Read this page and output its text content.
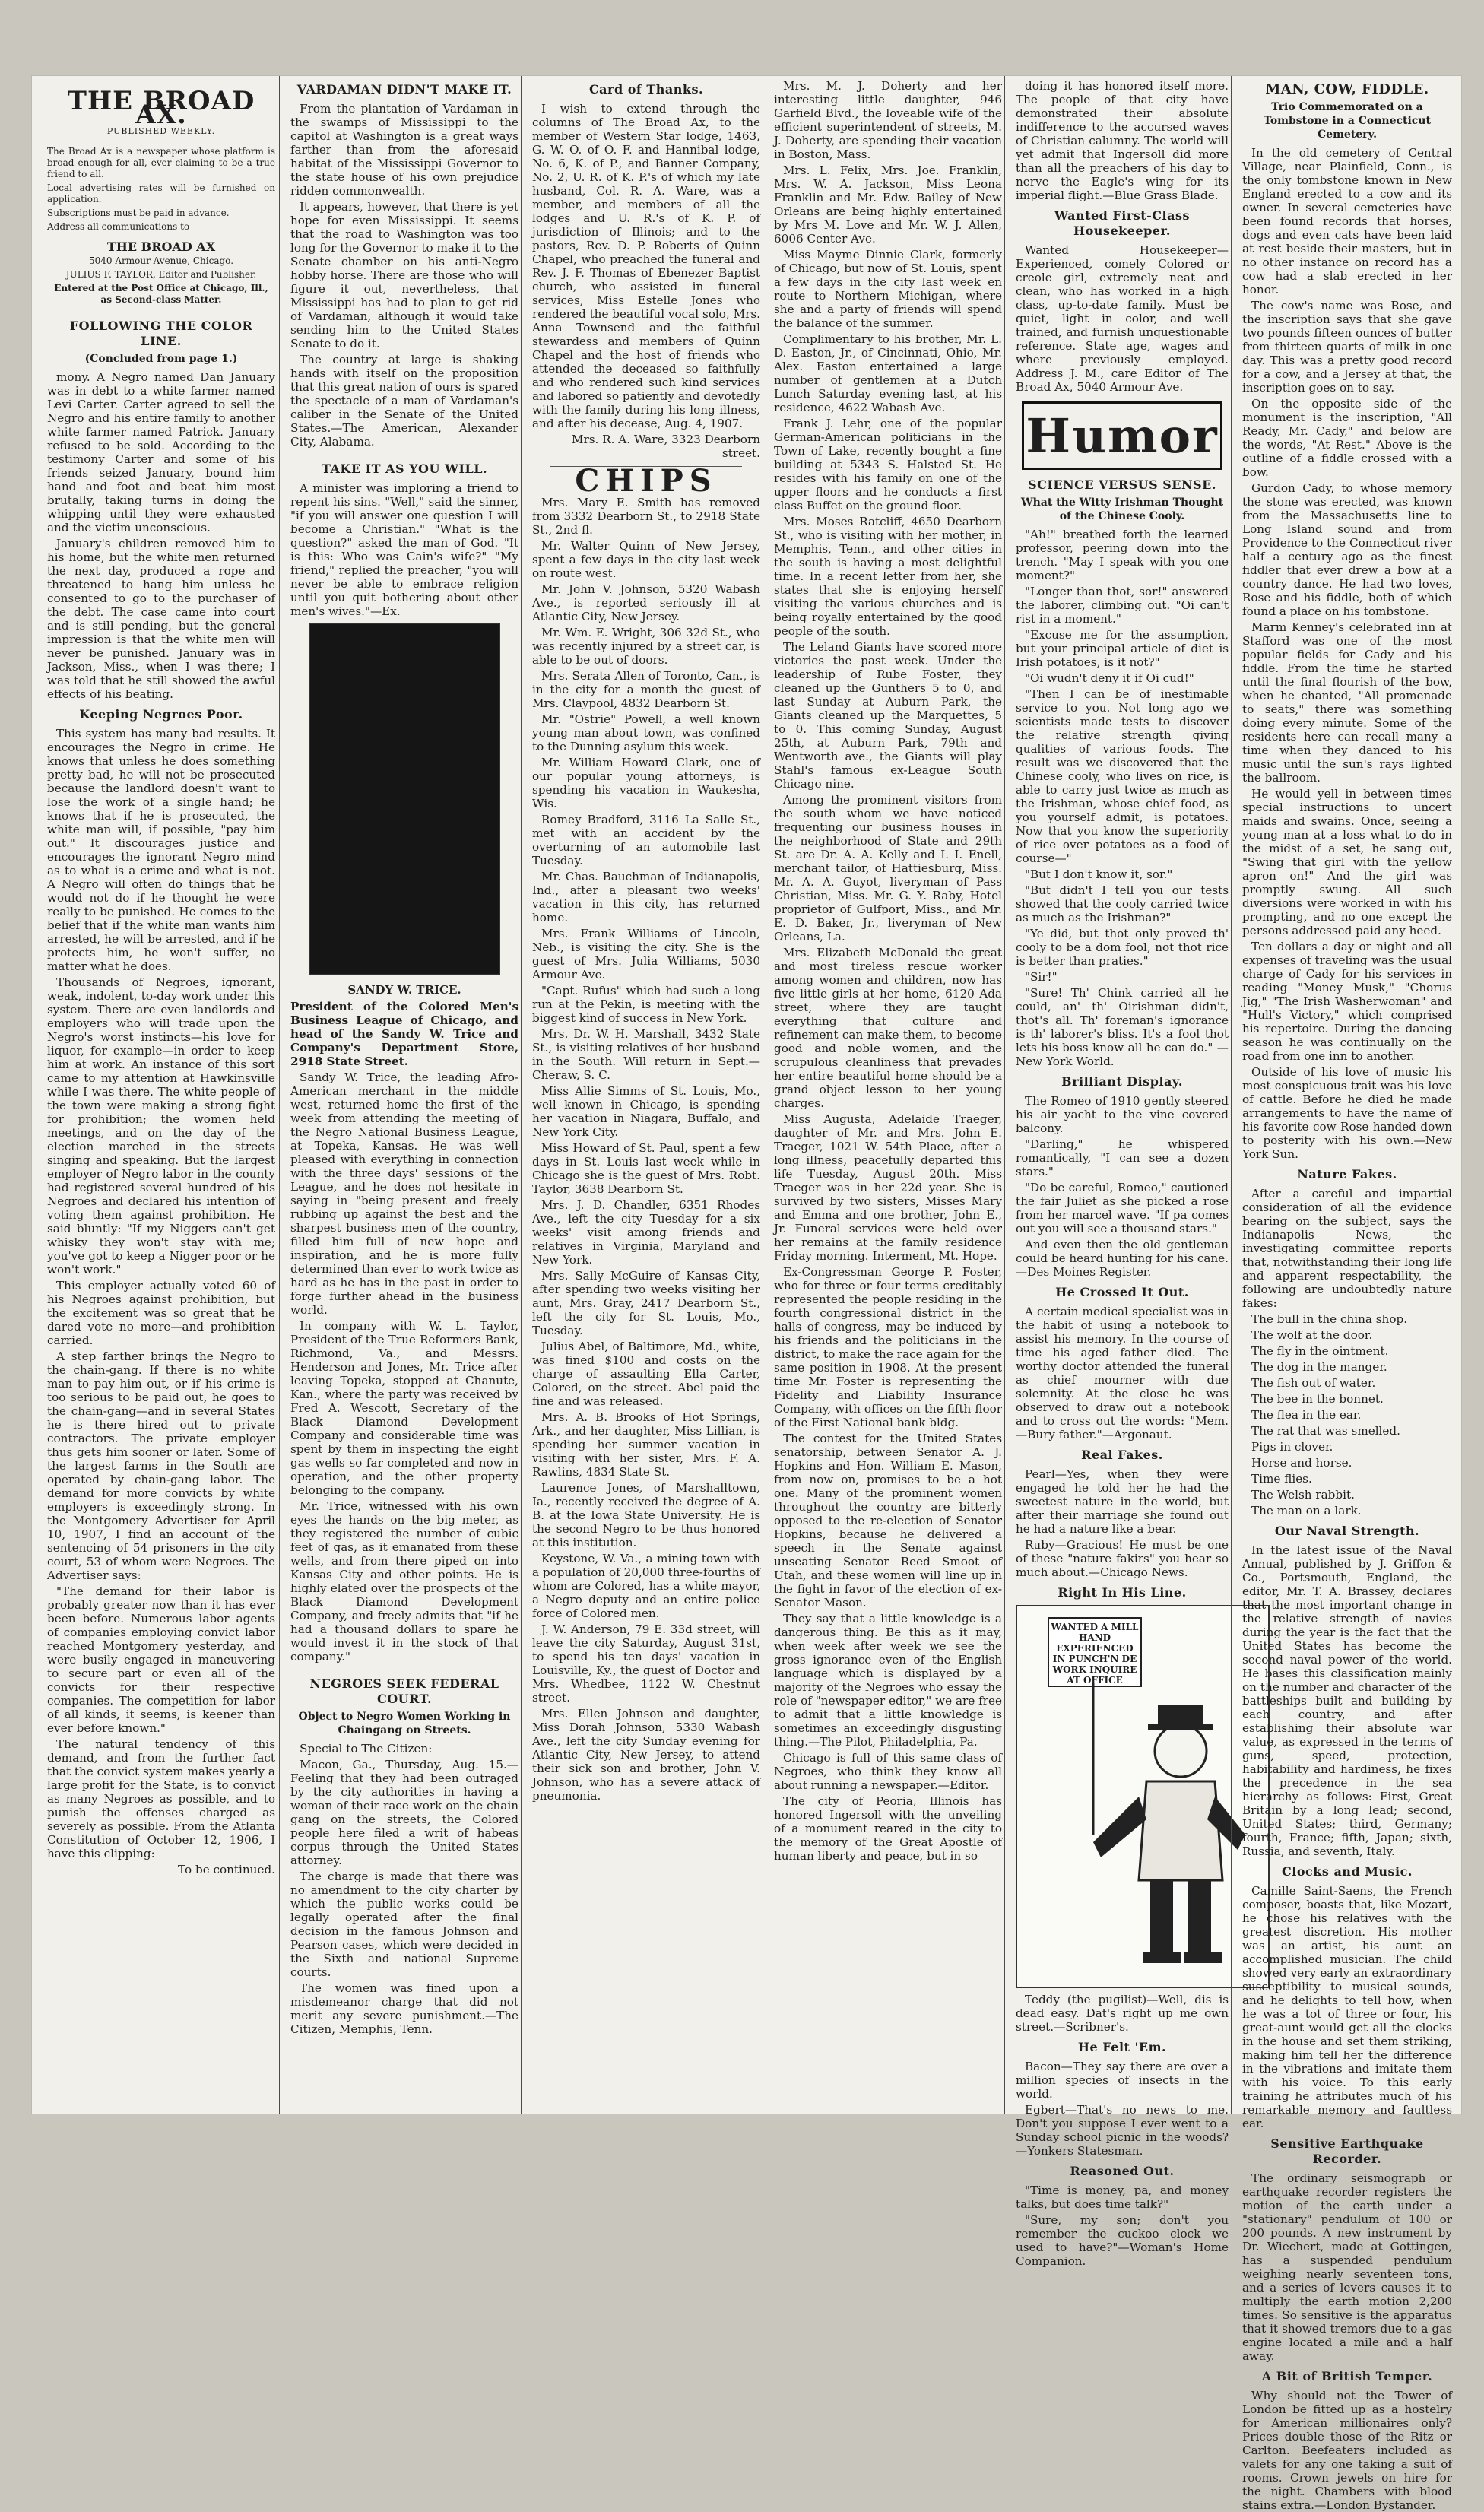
THE BROAD AX.
PUBLISHED WEEKLY.

The Broad Ax is a newspaper whose platform is broad enough for all, ever claiming to be a true friend to all.

Local advertising rates will be furnished on application.

Subscriptions must be paid in advance.

Address all communications to

THE BROAD AX

5040 Armour Avenue, Chicago.

JULIUS F. TAYLOR, Editor and Publisher.

Entered at the Post Office at Chicago, Ill., as Second-class Matter.

FOLLOWING THE COLOR LINE.
(Concluded from page 1.)

mony. A Negro named Dan January was in debt to a white farmer named Levi Carter. Carter agreed to sell the Negro and his entire family to another white farmer named Patrick. January refused to be sold. According to the testimony Carter and some of his friends seized January, bound him hand and foot and beat him most brutally, taking turns in doing the whipping until they were exhausted and the victim unconscious.

January's children removed him to his home, but the white men returned the next day, produced a rope and threatened to hang him unless he consented to go to the purchaser of the debt. The case came into court and is still pending, but the general impression is that the white men will never be punished. January was in Jackson, Miss., when I was there; I was told that he still showed the awful effects of his beating.

Keeping Negroes Poor.

This system has many bad results. It encourages the Negro in crime. He knows that unless he does something pretty bad, he will not be prosecuted because the landlord doesn't want to lose the work of a single hand; he knows that if he is prosecuted, the white man will, if possible, "pay him out." It discourages justice and encourages the ignorant Negro mind as to what is a crime and what is not. A Negro will often do things that he would not do if he thought he were really to be punished. He comes to the belief that if the white man wants him arrested, he will be arrested, and if he protects him, he won't suffer, no matter what he does.

Thousands of Negroes, ignorant, weak, indolent, to-day work under this system. There are even landlords and employers who will trade upon the Negro's worst instincts—his love for liquor, for example—in order to keep him at work. An instance of this sort came to my attention at Hawkinsville while I was there. The white people of the town were making a strong fight for prohibition; the women held meetings, and on the day of the election marched in the streets singing and speaking. But the largest employer of Negro labor in the county had registered several hundred of his Negroes and declared his intention of voting them against prohibition. He said bluntly: "If my Niggers can't get whisky they won't stay with me; you've got to keep a Nigger poor or he won't work."

This employer actually voted 60 of his Negroes against prohibition, but the excitement was so great that he dared vote no more—and prohibition carried.

A step farther brings the Negro to the chain-gang. If there is no white man to pay him out, or if his crime is too serious to be paid out, he goes to the chain-gang—and in several States he is there hired out to private contractors. The private employer thus gets him sooner or later. Some of the largest farms in the South are operated by chain-gang labor. The demand for more convicts by white employers is exceedingly strong. In the Montgomery Advertiser for April 10, 1907, I find an account of the sentencing of 54 prisoners in the city court, 53 of whom were Negroes. The Advertiser says:

"The demand for their labor is probably greater now than it has ever been before. Numerous labor agents of companies employing convict labor reached Montgomery yesterday, and were busily engaged in maneuvering to secure part or even all of the convicts for their respective companies. The competition for labor of all kinds, it seems, is keener than ever before known."

The natural tendency of this demand, and from the further fact that the convict system makes yearly a large profit for the State, is to convict as many Negroes as possible, and to punish the offenses charged as severely as possible. From the Atlanta Constitution of October 12, 1906, I have this clipping:

To be continued.

VARDAMAN DIDN'T MAKE IT.

From the plantation of Vardaman in the swamps of Mississippi to the capitol at Washington is a great ways farther than from the aforesaid habitat of the Mississippi Governor to the state house of his own prejudice ridden commonwealth.

It appears, however, that there is yet hope for even Mississippi. It seems that the road to Washington was too long for the Governor to make it to the Senate chamber on his anti-Negro hobby horse. There are those who will figure it out, nevertheless, that Mississippi has had to plan to get rid of Vardaman, although it would take sending him to the United States Senate to do it.

The country at large is shaking hands with itself on the proposition that this great nation of ours is spared the spectacle of a man of Vardaman's caliber in the Senate of the United States.—The American, Alexander City, Alabama.

TAKE IT AS YOU WILL.

A minister was imploring a friend to repent his sins. "Well," said the sinner, "if you will answer one question I will become a Christian." "What is the question?" asked the man of God. "It is this: Who was Cain's wife?" "My friend," replied the preacher, "you will never be able to embrace religion until you quit bothering about other men's wives."—Ex.

SANDY W. TRICE.

President of the Colored Men's Business League of Chicago, and head of the Sandy W. Trice and Company's Department Store, 2918 State Street.

Sandy W. Trice, the leading Afro-American merchant in the middle west, returned home the first of the week from attending the meeting of the Negro National Business League, at Topeka, Kansas. He was well pleased with everything in connection with the three days' sessions of the League, and he does not hesitate in saying in "being present and freely rubbing up against the best and the sharpest business men of the country, filled him full of new hope and inspiration, and he is more fully determined than ever to work twice as hard as he has in the past in order to forge further ahead in the business world.

In company with W. L. Taylor, President of the True Reformers Bank, Richmond, Va., and Messrs. Henderson and Jones, Mr. Trice after leaving Topeka, stopped at Chanute, Kan., where the party was received by Fred A. Wescott, Secretary of the Black Diamond Development Company and considerable time was spent by them in inspecting the eight gas wells so far completed and now in operation, and the other property belonging to the company.

Mr. Trice, witnessed with his own eyes the hands on the big meter, as they registered the number of cubic feet of gas, as it emanated from these wells, and from there piped on into Kansas City and other points. He is highly elated over the prospects of the Black Diamond Development Company, and freely admits that "if he had a thousand dollars to spare he would invest it in the stock of that company."

NEGROES SEEK FEDERAL COURT.
Object to Negro Women Working in Chaingang on Streets.

Special to The Citizen:

Macon, Ga., Thursday, Aug. 15.—Feeling that they had been outraged by the city authorities in having a woman of their race work on the chain gang on the streets, the Colored people here filed a writ of habeas corpus through the United States attorney.

The charge is made that there was no amendment to the city charter by which the public works could be legally operated after the final decision in the famous Johnson and Pearson cases, which were decided in the Sixth and national Supreme courts.

The women was fined upon a misdemeanor charge that did not merit any severe punishment.—The Citizen, Memphis, Tenn.

Card of Thanks.

I wish to extend through the columns of The Broad Ax, to the member of Western Star lodge, 1463, G. W. O. of O. F. and Hannibal lodge, No. 6, K. of P., and Banner Company, No. 2, U. R. of K. P.'s of which my late husband, Col. R. A. Ware, was a member, and members of all the lodges and U. R.'s of K. P. of jurisdiction of Illinois; and to the pastors, Rev. D. P. Roberts of Quinn Chapel, who preached the funeral and Rev. J. F. Thomas of Ebenezer Baptist church, who assisted in funeral services, Miss Estelle Jones who rendered the beautiful vocal solo, Mrs. Anna Townsend and the faithful stewardess and members of Quinn Chapel and the host of friends who attended the deceased so faithfully and who rendered such kind services and labored so patiently and devotedly with the family during his long illness, and after his decease, Aug. 4, 1907.

Mrs. R. A. Ware, 3323 Dearborn street.

CHIPS

Mrs. Mary E. Smith has removed from 3332 Dearborn St., to 2918 State St., 2nd fl.

Mr. Walter Quinn of New Jersey, spent a few days in the city last week on route west.

Mr. John V. Johnson, 5320 Wabash Ave., is reported seriously ill at Atlantic City, New Jersey.

Mr. Wm. E. Wright, 306 32d St., who was recently injured by a street car, is able to be out of doors.

Mrs. Serata Allen of Toronto, Can., is in the city for a month the guest of Mrs. Claypool, 4832 Dearborn St.

Mr. "Ostrie" Powell, a well known young man about town, was confined to the Dunning asylum this week.

Mr. William Howard Clark, one of our popular young attorneys, is spending his vacation in Waukesha, Wis.

Romey Bradford, 3116 La Salle St., met with an accident by the overturning of an automobile last Tuesday.

Mr. Chas. Bauchman of Indianapolis, Ind., after a pleasant two weeks' vacation in this city, has returned home.

Mrs. Frank Williams of Lincoln, Neb., is visiting the city. She is the guest of Mrs. Julia Williams, 5030 Armour Ave.

"Capt. Rufus" which had such a long run at the Pekin, is meeting with the biggest kind of success in New York.

Mrs. Dr. W. H. Marshall, 3432 State St., is visiting relatives of her husband in the South. Will return in Sept.—Cheraw, S. C.

Miss Allie Simms of St. Louis, Mo., well known in Chicago, is spending her vacation in Niagara, Buffalo, and New York City.

Miss Howard of St. Paul, spent a few days in St. Louis last week while in Chicago she is the guest of Mrs. Robt. Taylor, 3638 Dearborn St.

Mrs. J. D. Chandler, 6351 Rhodes Ave., left the city Tuesday for a six weeks' visit among friends and relatives in Virginia, Maryland and New York.

Mrs. Sally McGuire of Kansas City, after spending two weeks visiting her aunt, Mrs. Gray, 2417 Dearborn St., left the city for St. Louis, Mo., Tuesday.

Julius Abel, of Baltimore, Md., white, was fined $100 and costs on the charge of assaulting Ella Carter, Colored, on the street. Abel paid the fine and was released.

Mrs. A. B. Brooks of Hot Springs, Ark., and her daughter, Miss Lillian, is spending her summer vacation in visiting with her sister, Mrs. F. A. Rawlins, 4834 State St.

Laurence Jones, of Marshalltown, Ia., recently received the degree of A. B. at the Iowa State University. He is the second Negro to be thus honored at this institution.

Keystone, W. Va., a mining town with a population of 20,000 three-fourths of whom are Colored, has a white mayor, a Negro deputy and an entire police force of Colored men.

J. W. Anderson, 79 E. 33d street, will leave the city Saturday, August 31st, to spend his ten days' vacation in Louisville, Ky., the guest of Doctor and Mrs. Whedbee, 1122 W. Chestnut street.

Mrs. Ellen Johnson and daughter, Miss Dorah Johnson, 5330 Wabash Ave., left the city Sunday evening for Atlantic City, New Jersey, to attend their sick son and brother, John V. Johnson, who has a severe attack of pneumonia.

Mrs. M. J. Doherty and her interesting little daughter, 946 Garfield Blvd., the loveable wife of the efficient superintendent of streets, M. J. Doherty, are spending their vacation in Boston, Mass.

Mrs. L. Felix, Mrs. Joe. Franklin, Mrs. W. A. Jackson, Miss Leona Franklin and Mr. Edw. Bailey of New Orleans are being highly entertained by Mrs M. Love and Mr. W. J. Allen, 6006 Center Ave.

Miss Mayme Dinnie Clark, formerly of Chicago, but now of St. Louis, spent a few days in the city last week en route to Northern Michigan, where she and a party of friends will spend the balance of the summer.

Complimentary to his brother, Mr. L. D. Easton, Jr., of Cincinnati, Ohio, Mr. Alex. Easton entertained a large number of gentlemen at a Dutch Lunch Saturday evening last, at his residence, 4622 Wabash Ave.

Frank J. Lehr, one of the popular German-American politicians in the Town of Lake, recently bought a fine building at 5343 S. Halsted St. He resides with his family on one of the upper floors and he conducts a first class Buffet on the ground floor.

Mrs. Moses Ratcliff, 4650 Dearborn St., who is visiting with her mother, in Memphis, Tenn., and other cities in the south is having a most delightful time. In a recent letter from her, she states that she is enjoying herself visiting the various churches and is being royally entertained by the good people of the south.

The Leland Giants have scored more victories the past week. Under the leadership of Rube Foster, they cleaned up the Gunthers 5 to 0, and last Sunday at Auburn Park, the Giants cleaned up the Marquettes, 5 to 0. This coming Sunday, August 25th, at Auburn Park, 79th and Wentworth ave., the Giants will play Stahl's famous ex-League South Chicago nine.

Among the prominent visitors from the south whom we have noticed frequenting our business houses in the neighborhood of State and 29th St. are Dr. A. A. Kelly and I. I. Enell, merchant tailor, of Hattiesburg, Miss. Mr. A. A. Guyot, liveryman of Pass Christian, Miss. Mr. G. Y. Raby, Hotel proprietor of Gulfport, Miss., and Mr. E. D. Baker, Jr., liveryman of New Orleans, La.

Mrs. Elizabeth McDonald the great and most tireless rescue worker among women and children, now has five little girls at her home, 6120 Ada street, where they are taught everything that culture and refinement can make them, to become good and noble women, and the scrupulous cleanliness that prevades her entire beautiful home should be a grand object lesson to her young charges.

Miss Augusta, Adelaide Traeger, daughter of Mr. and Mrs. John E. Traeger, 1021 W. 54th Place, after a long illness, peacefully departed this life Tuesday, August 20th. Miss Traeger was in her 22d year. She is survived by two sisters, Misses Mary and Emma and one brother, John E., Jr. Funeral services were held over her remains at the family residence Friday morning. Interment, Mt. Hope.

Ex-Congressman George P. Foster, who for three or four terms creditably represented the people residing in the fourth congressional district in the halls of congress, may be induced by his friends and the politicians in the district, to make the race again for the same position in 1908. At the present time Mr. Foster is representing the Fidelity and Liability Insurance Company, with offices on the fifth floor of the First National bank bldg.

The contest for the United States senatorship, between Senator A. J. Hopkins and Hon. William E. Mason, from now on, promises to be a hot one. Many of the prominent women throughout the country are bitterly opposed to the re-election of Senator Hopkins, because he delivered a speech in the Senate against unseating Senator Reed Smoot of Utah, and these women will line up in the fight in favor of the election of ex-Senator Mason.

They say that a little knowledge is a dangerous thing. Be this as it may, when week after week we see the gross ignorance even of the English language which is displayed by a majority of the Negroes who essay the role of "newspaper editor," we are free to admit that a little knowledge is sometimes an exceedingly disgusting thing.—The Pilot, Philadelphia, Pa.

Chicago is full of this same class of Negroes, who think they know all about running a newspaper.—Editor.

The city of Peoria, Illinois has honored Ingersoll with the unveiling of a monument reared in the city to the memory of the Great Apostle of human liberty and peace, but in so

doing it has honored itself more. The people of that city have demonstrated their absolute indifference to the accursed waves of Christian calumny. The world will yet admit that Ingersoll did more than all the preachers of his day to nerve the Eagle's wing for its imperial flight.—Blue Grass Blade.

Wanted First-Class Housekeeper.

Wanted Housekeeper—Experienced, comely Colored or creole girl, extremely neat and clean, who has worked in a high class, up-to-date family. Must be quiet, light in color, and well trained, and furnish unquestionable reference. State age, wages and where previously employed. Address J. M., care Editor of The Broad Ax, 5040 Armour Ave.

Humor
SCIENCE VERSUS SENSE.
What the Witty Irishman Thought of the Chinese Cooly.

"Ah!" breathed forth the learned professor, peering down into the trench. "May I speak with you one moment?"

"Longer than thot, sor!" answered the laborer, climbing out. "Oi can't rist in a moment."

"Excuse me for the assumption, but your principal article of diet is Irish potatoes, is it not?"

"Oi wudn't deny it if Oi cud!"

"Then I can be of inestimable service to you. Not long ago we scientists made tests to discover the relative strength giving qualities of various foods. The result was we discovered that the Chinese cooly, who lives on rice, is able to carry just twice as much as the Irishman, whose chief food, as you yourself admit, is potatoes. Now that you know the superiority of rice over potatoes as a food of course—"

"But I don't know it, sor."

"But didn't I tell you our tests showed that the cooly carried twice as much as the Irishman?"

"Ye did, but thot only proved th' cooly to be a dom fool, not thot rice is better than praties."

"Sir!"

"Sure! Th' Chink carried all he could, an' th' Oirishman didn't, thot's all. Th' foreman's ignorance is th' laborer's bliss. It's a fool thot lets his boss know all he can do." — New York World.

Brilliant Display.

The Romeo of 1910 gently steered his air yacht to the vine covered balcony.

"Darling," he whispered romantically, "I can see a dozen stars."

"Do be careful, Romeo," cautioned the fair Juliet as she picked a rose from her marcel wave. "If pa comes out you will see a thousand stars."

And even then the old gentleman could be heard hunting for his cane.—Des Moines Register.

He Crossed It Out.

A certain medical specialist was in the habit of using a notebook to assist his memory. In the course of time his aged father died. The worthy doctor attended the funeral as chief mourner with due solemnity. At the close he was observed to draw out a notebook and to cross out the words: "Mem.—Bury father."—Argonaut.

Real Fakes.

Pearl—Yes, when they were engaged he told her he had the sweetest nature in the world, but after their marriage she found out he had a nature like a bear.

Ruby—Gracious! He must be one of these "nature fakirs" you hear so much about.—Chicago News.

Right In His Line.
WANTED A MILL HAND EXPERIENCED IN PUNCH'N DE WORK INQUIRE AT OFFICE

Teddy (the pugilist)—Well, dis is dead easy. Dat's right up me own street.—Scribner's.

He Felt 'Em.

Bacon—They say there are over a million species of insects in the world.

Egbert—That's no news to me. Don't you suppose I ever went to a Sunday school picnic in the woods?—Yonkers Statesman.

Reasoned Out.

"Time is money, pa, and money talks, but does time talk?"

"Sure, my son; don't you remember the cuckoo clock we used to have?"—Woman's Home Companion.

MAN, COW, FIDDLE.
Trio Commemorated on a Tombstone in a Connecticut Cemetery.

In the old cemetery of Central Village, near Plainfield, Conn., is the only tombstone known in New England erected to a cow and its owner. In several cemeteries have been found records that horses, dogs and even cats have been laid at rest beside their masters, but in no other instance on record has a cow had a slab erected in her honor.

The cow's name was Rose, and the inscription says that she gave two pounds fifteen ounces of butter from thirteen quarts of milk in one day. This was a pretty good record for a cow, and a Jersey at that, the inscription goes on to say.

On the opposite side of the monument is the inscription, "All Ready, Mr. Cady," and below are the words, "At Rest." Above is the outline of a fiddle crossed with a bow.

Gurdon Cady, to whose memory the stone was erected, was known from the Massachusetts line to Long Island sound and from Providence to the Connecticut river half a century ago as the finest fiddler that ever drew a bow at a country dance. He had two loves, Rose and his fiddle, both of which found a place on his tombstone.

Marm Kenney's celebrated inn at Stafford was one of the most popular fields for Cady and his fiddle. From the time he started until the final flourish of the bow, when he chanted, "All promenade to seats," there was something doing every minute. Some of the residents here can recall many a time when they danced to his music until the sun's rays lighted the ballroom.

He would yell in between times special instructions to uncert maids and swains. Once, seeing a young man at a loss what to do in the midst of a set, he sang out, "Swing that girl with the yellow apron on!" And the girl was promptly swung. All such diversions were worked in with his prompting, and no one except the persons addressed paid any heed.

Ten dollars a day or night and all expenses of traveling was the usual charge of Cady for his services in reading "Money Musk," "Chorus Jig," "The Irish Washerwoman" and "Hull's Victory," which comprised his repertoire. During the dancing season he was continually on the road from one inn to another.

Outside of his love of music his most conspicuous trait was his love of cattle. Before he died he made arrangements to have the name of his favorite cow Rose handed down to posterity with his own.—New York Sun.

Nature Fakes.

After a careful and impartial consideration of all the evidence bearing on the subject, says the Indianapolis News, the investigating committee reports that, notwithstanding their long life and apparent respectability, the following are undoubtedly nature fakes:

The bull in the china shop.

The wolf at the door.

The fly in the ointment.

The dog in the manger.

The fish out of water.

The bee in the bonnet.

The flea in the ear.

The rat that was smelled.

Pigs in clover.

Horse and horse.

Time flies.

The Welsh rabbit.

The man on a lark.

Our Naval Strength.

In the latest issue of the Naval Annual, published by J. Griffon & Co., Portsmouth, England, the editor, Mr. T. A. Brassey, declares that the most important change in the relative strength of navies during the year is the fact that the United States has become the second naval power of the world. He bases this classification mainly on the number and character of the battleships built and building by each country, and after establishing their absolute war value, as expressed in the terms of guns, speed, protection, habitability and hardiness, he fixes the precedence in the sea hierarchy as follows: First, Great Britain by a long lead; second, United States; third, Germany; fourth, France; fifth, Japan; sixth, Russia, and seventh, Italy.

Clocks and Music.

Camille Saint-Saens, the French composer, boasts that, like Mozart, he chose his relatives with the greatest discretion. His mother was an artist, his aunt an accomplished musician. The child showed very early an extraordinary susceptibility to musical sounds, and he delights to tell how, when he was a tot of three or four, his great-aunt would get all the clocks in the house and set them striking, making him tell her the difference in the vibrations and imitate them with his voice. To this early training he attributes much of his remarkable memory and faultless ear.

Sensitive Earthquake Recorder.

The ordinary seismograph or earthquake recorder registers the motion of the earth under a "stationary" pendulum of 100 or 200 pounds. A new instrument by Dr. Wiechert, made at Gottingen, has a suspended pendulum weighing nearly seventeen tons, and a series of levers causes it to multiply the earth motion 2,200 times. So sensitive is the apparatus that it showed tremors due to a gas engine located a mile and a half away.

A Bit of British Temper.

Why should not the Tower of London be fitted up as a hostelry for American millionaires only? Prices double those of the Ritz or Carlton. Beefeaters included as valets for any one taking a suit of rooms. Crown jewels on hire for the night. Chambers with blood stains extra.—London Bystander.
